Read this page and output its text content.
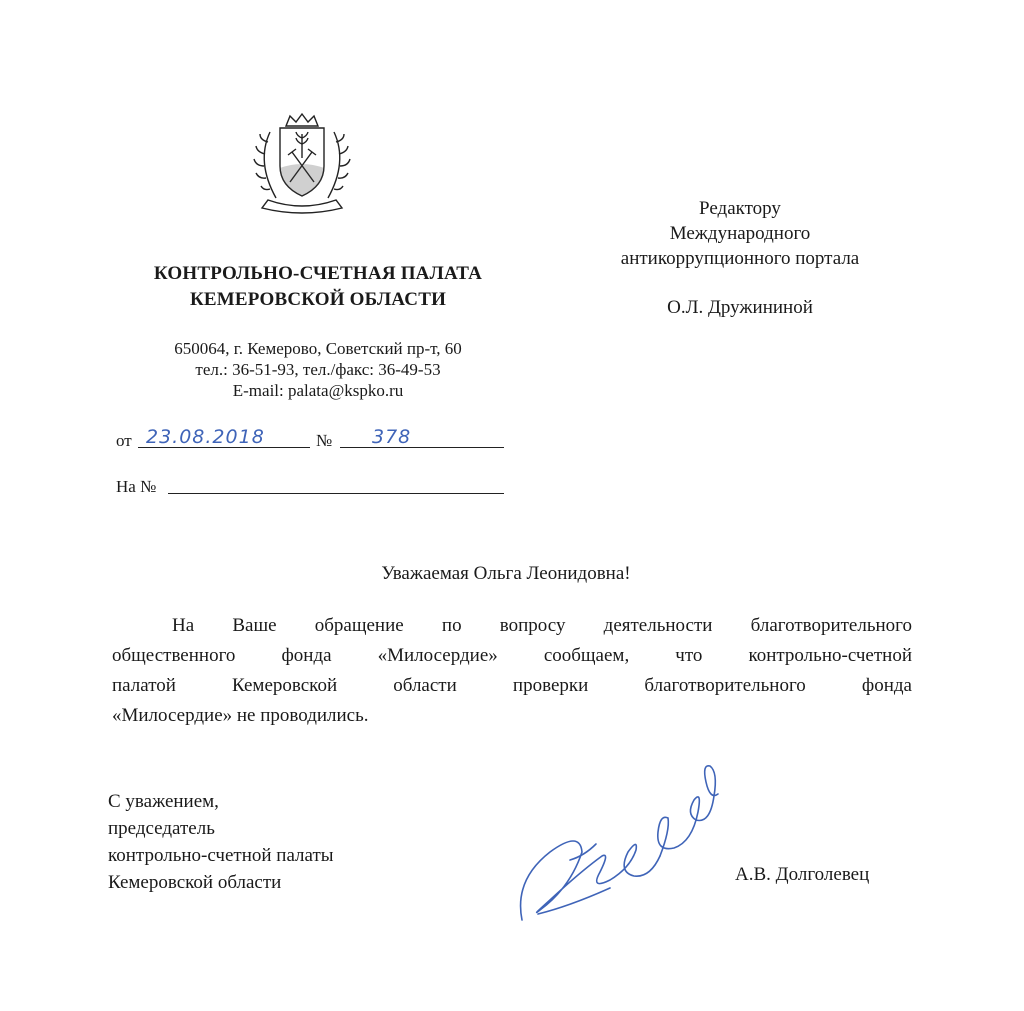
КОНТРОЛЬНО-СЧЕТНАЯ ПАЛАТА
КЕМЕРОВСКОЙ ОБЛАСТИ
650064, г. Кемерово, Советский пр-т, 60
тел.: 36-51-93, тел./факс: 36-49-53
E-mail: palata@kspko.ru
от 23.08.2018	№ 378
На №
Редактору
Международного
антикоррупционного портала
О.Л. Дружининой
Уважаемая Ольга Леонидовна!
На Ваше обращение по вопросу деятельности благотворительного
общественного фонда «Милосердие» сообщаем, что контрольно-счетной
палатой Кемеровской области проверки благотворительного фонда
«Милосердие» не проводились.
С уважением,
председатель
контрольно-счетной палаты
Кемеровской области	А.В. Долголевец
